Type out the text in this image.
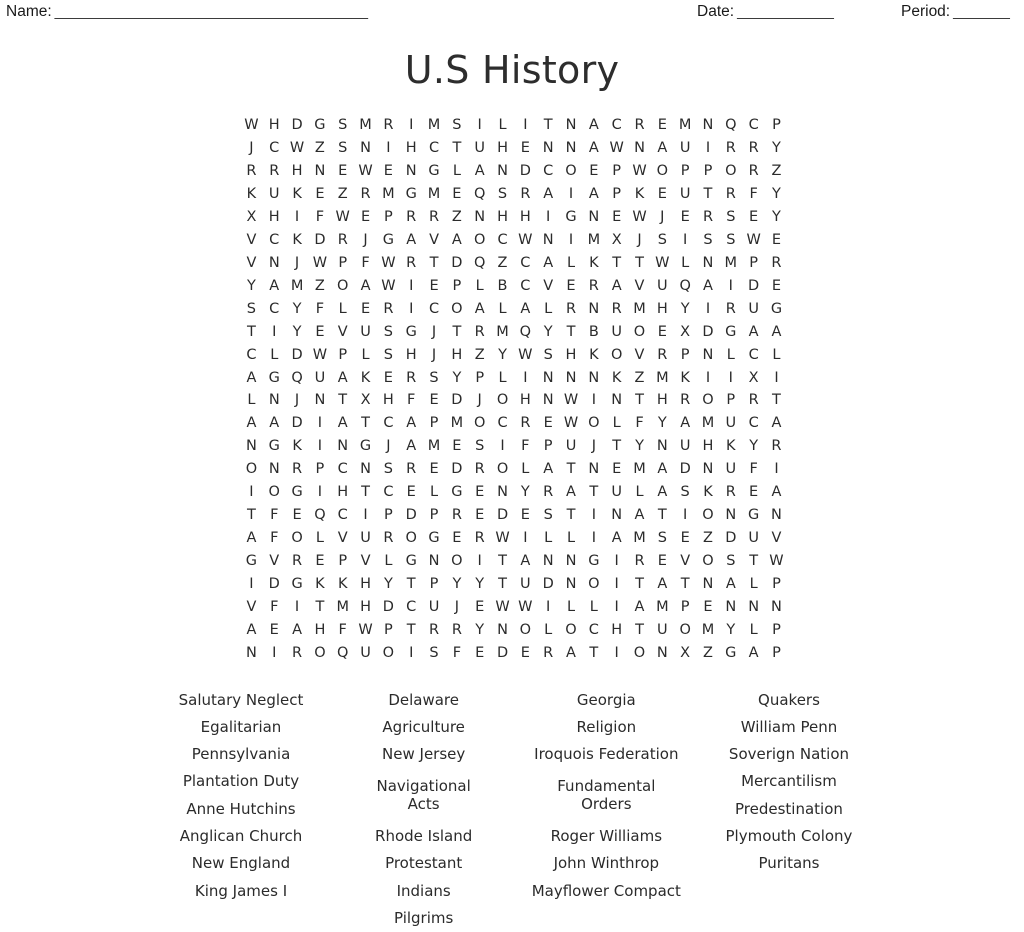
Name: _______________________________________	Date: ____________	Period: _______
U.S History
W H D G S M R	I M S	I	L	I	T N A C R E M N Q C P
J	C W Z S N	I	H C T U H E N N A W N A U	I	R R Y
R R H N E W E N G L A N D C O E P W O P P O R Z
K U K E Z R M G M E Q S R A	I	A P K E U T R F Y
X H	I	F W E P R R Z N H H	I	G N E W J	E R S E Y
V C K D R	J	G A V A O C W N	I M X	J	S	I	S S W E
V N	J W P F W R T D Q Z C A L K T T W L N M P R
Y A M Z O A W I	E P L B C V E R A V U Q A	I	D E
S C Y F	L E R	I	C O A L A L R N R M H Y	I	R U G
T	I	Y E V U S G	J	T R M Q Y T B U O E X D G A A
C L D W P L S H	J	H Z Y W S H K O V R P N L C L
A G Q U A K E R S Y P L	I	N N N K Z M K	I	I	X	I
L N	J	N T X H F E D	J	O H N W I	N T H R O P R T
A A D	I	A T C A P M O C R E W O L	F Y A M U C A
N G K	I	N G	J	A M E S	I	F P U	J	T Y N U H K Y R
O N R P C N S R E D R O L A T N E M A D N U F	I
I	O G	I	H T C E L G E N Y R A T U L A S K R E A
T F E Q C	I	P D P R E D E S T	I	N A T	I	O N G N
A F O L V U R O G E R W I	L	L	I	A M S E Z D U V
G V R E P V L G N O	I	T A N N G	I	R E V O S T W
I	D G K K H Y T P Y Y T U D N O	I	T A T N A L P
V F	I	T M H D C U	J	E W W I	L	L	I	A M P E N N N
A E A H F W P T R R Y N O L O C H T U O M Y L P
N	I	R O Q U O	I	S F E D E R A T	I	O N X Z G A P
Salutary Neglect
Egalitarian
Pennsylvania
Plantation Duty
Anne Hutchins
Anglican Church
New England
King James I
Delaware
Agriculture
New Jersey
Navigational Acts
Rhode Island
Protestant
Indians
Pilgrims
Georgia
Religion
Iroquois Federation
Fundamental Orders
Roger Williams
John Winthrop
Mayflower Compact
Quakers
William Penn
Soverign Nation
Mercantilism
Predestination
Plymouth Colony
Puritans
